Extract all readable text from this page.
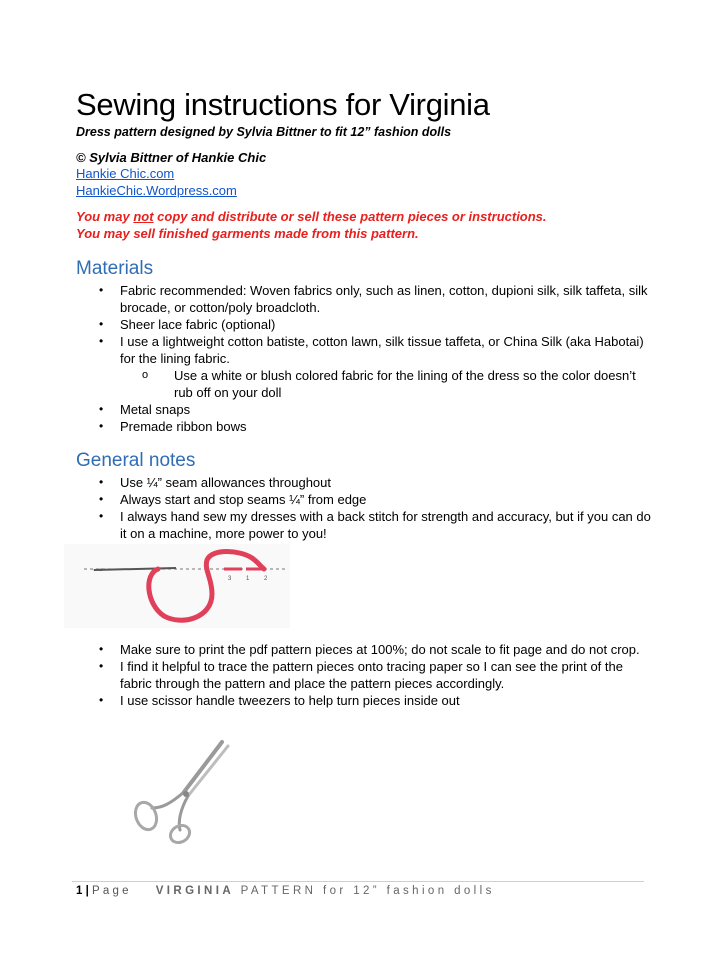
Sewing instructions for Virginia
Dress pattern designed by Sylvia Bittner to fit 12” fashion dolls
© Sylvia Bittner of Hankie Chic
Hankie Chic.com
HankieChic.Wordpress.com
You may not copy and distribute or sell these pattern pieces or instructions.
You may sell finished garments made from this pattern.
Materials
• Fabric recommended: Woven fabrics only, such as linen, cotton, dupioni silk, silk taffeta, silk brocade, or cotton/poly broadcloth.
• Sheer lace fabric (optional)
• I use a lightweight cotton batiste, cotton lawn, silk tissue taffeta, or China Silk (aka Habotai) for the lining fabric.
o Use a white or blush colored fabric for the lining of the dress so the color doesn’t rub off on your doll
• Metal snaps
• Premade ribbon bows
General notes
• Use ¼” seam allowances throughout
• Always start and stop seams ¼” from edge
• I always hand sew my dresses with a back stitch for strength and accuracy, but if you can do it on a machine, more power to you!
3 1 2
• Make sure to print the pdf pattern pieces at 100%; do not scale to fit page and do not crop.
• I find it helpful to trace the pattern pieces onto tracing paper so I can see the print of the fabric through the pattern and place the pattern pieces accordingly.
• I use scissor handle tweezers to help turn pieces inside out
1 | Page VIRGINIA PATTERN for 12” fashion dolls
